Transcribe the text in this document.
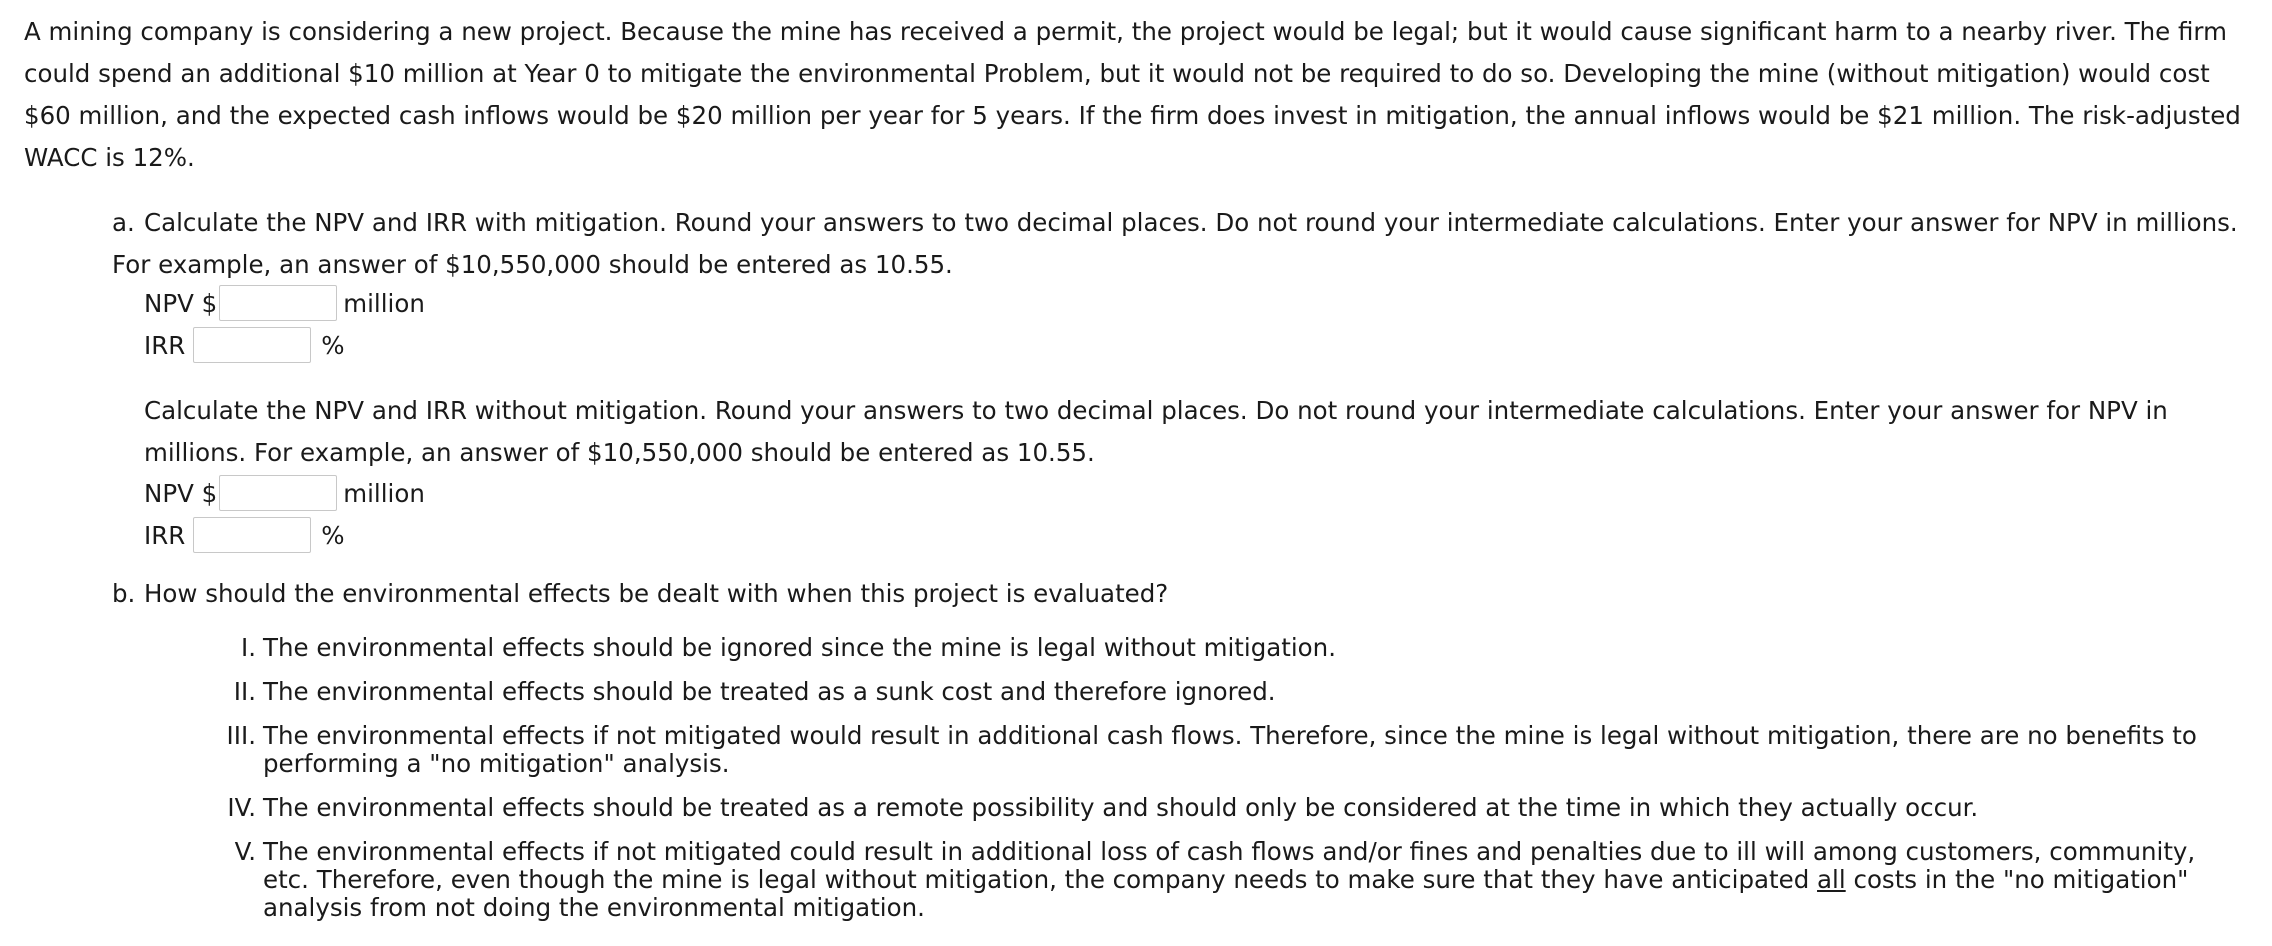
A mining company is considering a new project. Because the mine has received a permit, the project would be legal; but it would cause significant harm to a nearby river. The firm could spend an additional $10 million at Year 0 to mitigate the environmental Problem, but it would not be required to do so. Developing the mine (without mitigation) would cost $60 million, and the expected cash inflows would be $20 million per year for 5 years. If the firm does invest in mitigation, the annual inflows would be $21 million. The risk-adjusted WACC is 12%.
a. Calculate the NPV and IRR with mitigation. Round your answers to two decimal places. Do not round your intermediate calculations. Enter your answer for NPV in millions. For example, an answer of $10,550,000 should be entered as 10.55.
NPV $	million
IRR	%
Calculate the NPV and IRR without mitigation. Round your answers to two decimal places. Do not round your intermediate calculations. Enter your answer for NPV in millions. For example, an answer of $10,550,000 should be entered as 10.55.
NPV $	million
IRR	%
b. How should the environmental effects be dealt with when this project is evaluated?
I. The environmental effects should be ignored since the mine is legal without mitigation.
II. The environmental effects should be treated as a sunk cost and therefore ignored.
III. The environmental effects if not mitigated would result in additional cash flows. Therefore, since the mine is legal without mitigation, there are no benefits to performing a "no mitigation" analysis.
IV. The environmental effects should be treated as a remote possibility and should only be considered at the time in which they actually occur.
V. The environmental effects if not mitigated could result in additional loss of cash flows and/or fines and penalties due to ill will among customers, community, etc. Therefore, even though the mine is legal without mitigation, the company needs to make sure that they have anticipated all costs in the "no mitigation" analysis from not doing the environmental mitigation.
